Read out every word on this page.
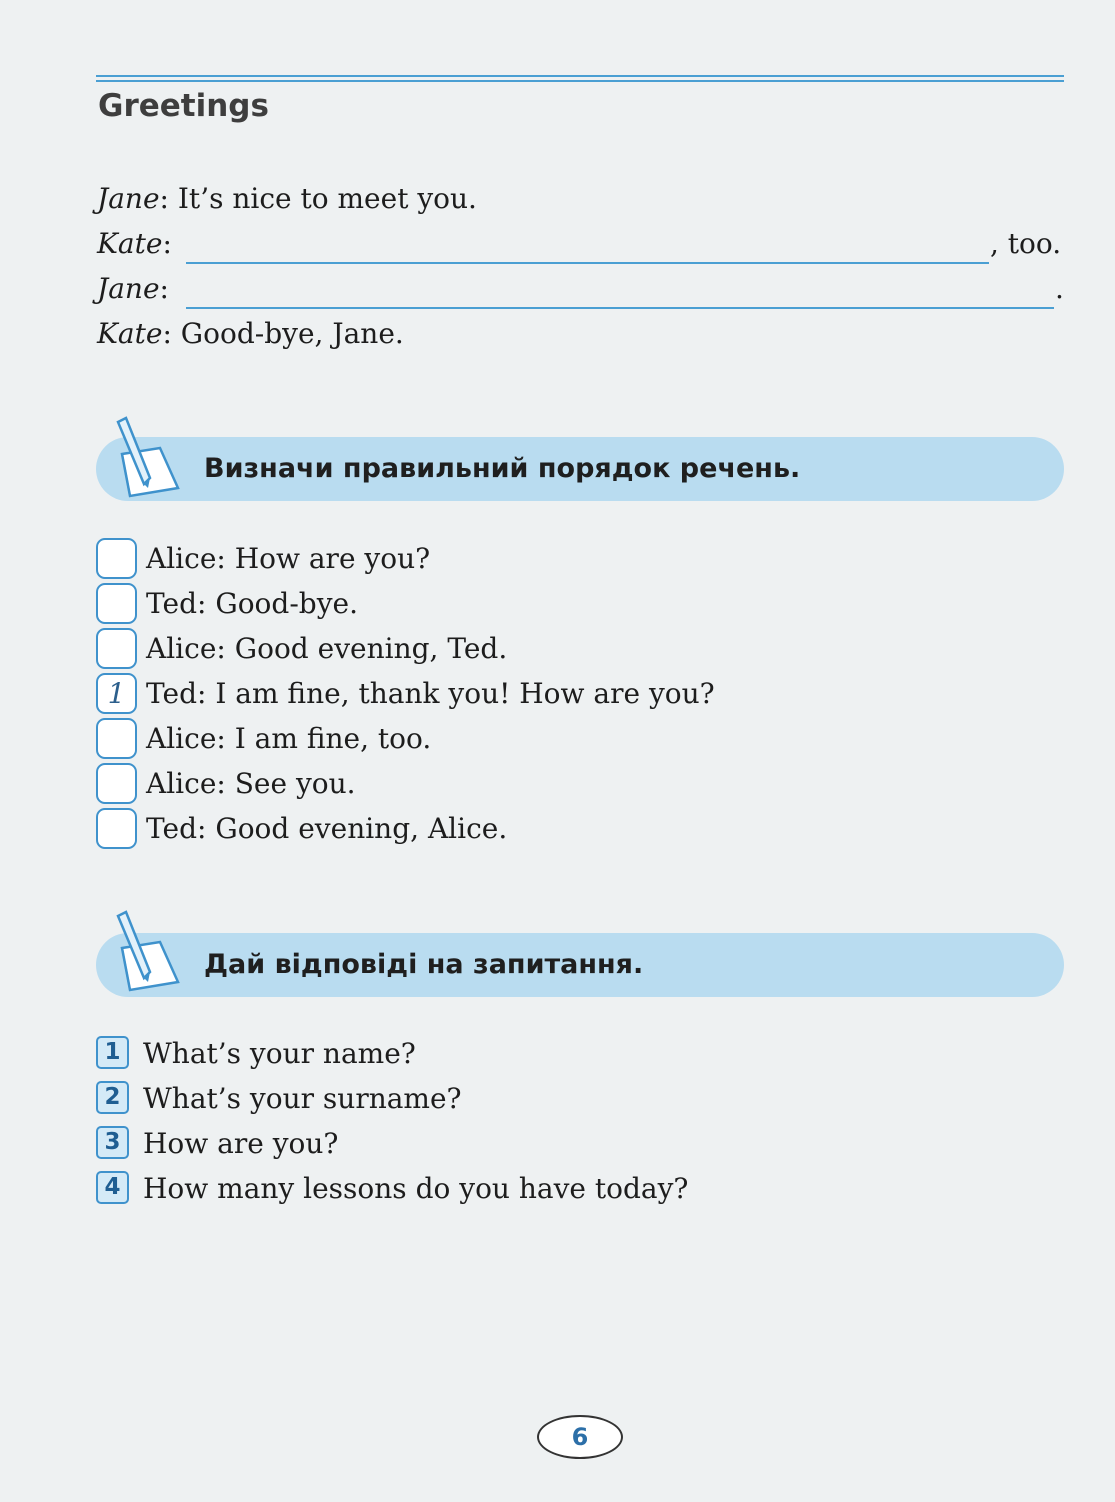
Greetings
Jane: It’s nice to meet you.
Kate:	, too.
Jane:	.
Kate: Good-bye, Jane.
Визначи правильний порядок речень.
Alice: How are you?
Ted: Good-bye.
Alice: Good evening, Ted.
1 Ted: I am fine, thank you! How are you?
Alice: I am fine, too.
Alice: See you.
Ted: Good evening, Alice.
Дай відповіді на запитання.
1 What’s your name?
2 What’s your surname?
3 How are you?
4 How many lessons do you have today?
6
